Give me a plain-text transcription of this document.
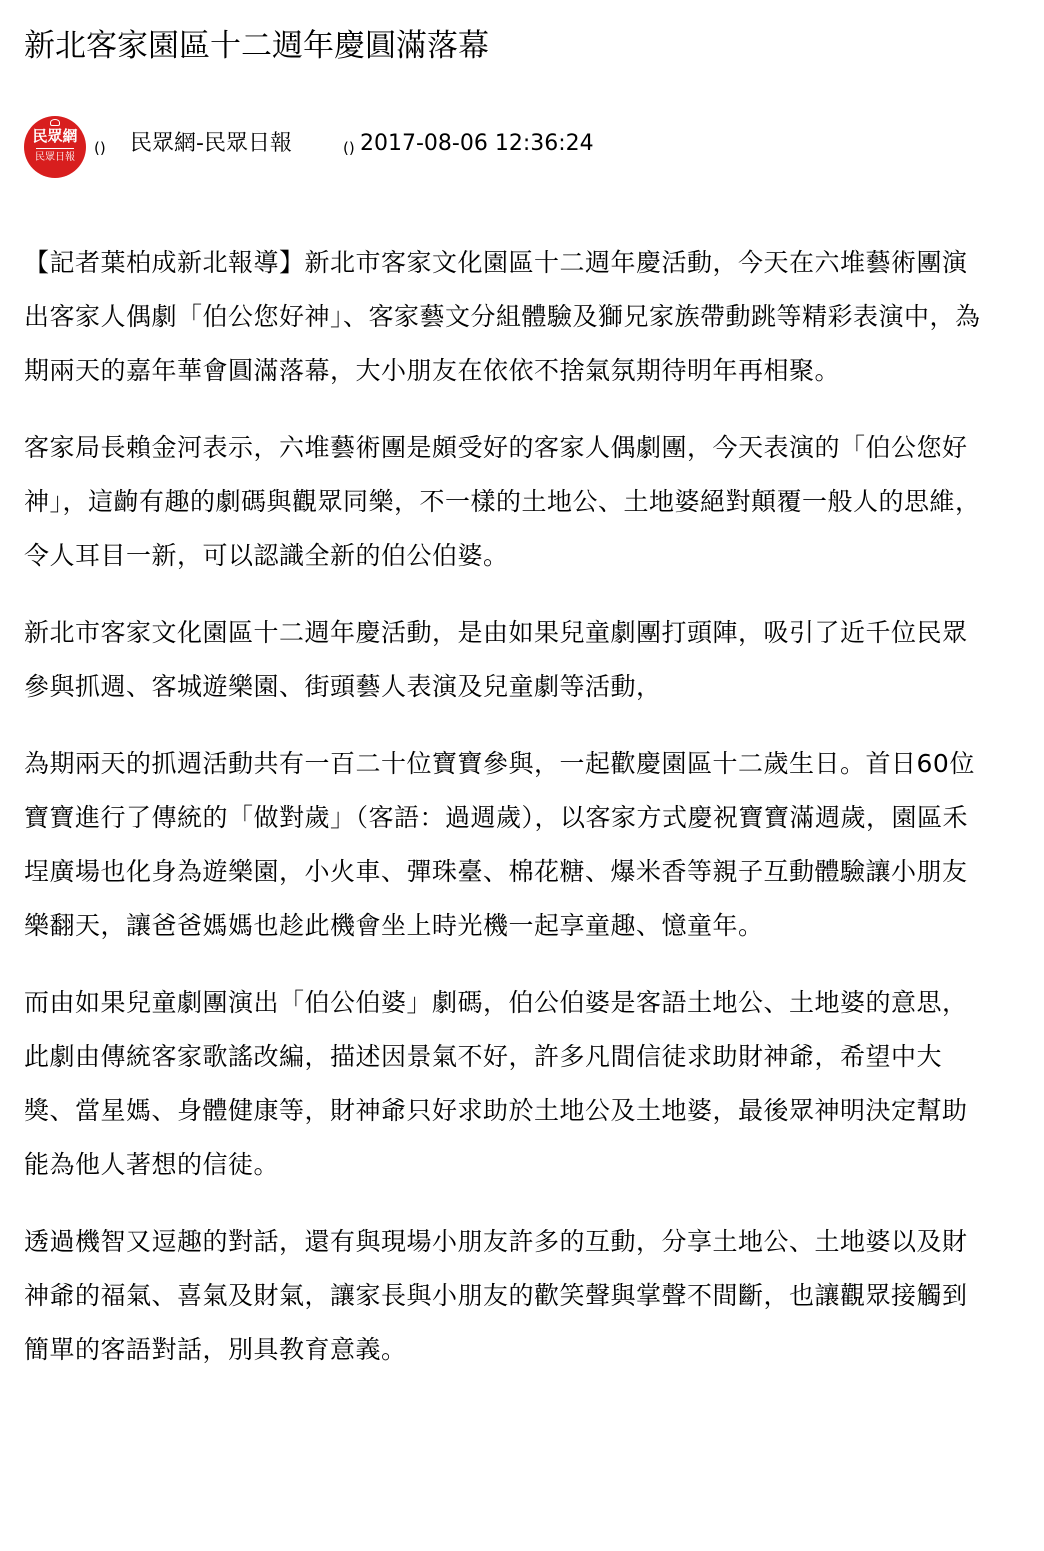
新北客家園區十二週年慶圓滿落幕
民眾網
民眾日報
() 民眾網-民眾日報	() 2017-08-06 12:36:24

【記者葉柏成新北報導】新北市客家文化園區十二週年慶活動，今天在六堆藝術團演出客家人偶劇「伯公您好神」、客家藝文分組體驗及獅兄家族帶動跳等精彩表演中，為期兩天的嘉年華會圓滿落幕，大小朋友在依依不捨氣氛期待明年再相聚。

客家局長賴金河表示，六堆藝術團是頗受好的客家人偶劇團，今天表演的「伯公您好神」，這齣有趣的劇碼與觀眾同樂，不一樣的土地公、土地婆絕對顛覆一般人的思維，令人耳目一新，可以認識全新的伯公伯婆。

新北市客家文化園區十二週年慶活動，是由如果兒童劇團打頭陣，吸引了近千位民眾參與抓週、客城遊樂園、街頭藝人表演及兒童劇等活動，

為期兩天的抓週活動共有一百二十位寶寶參與，一起歡慶園區十二歲生日。首日60位寶寶進行了傳統的「做對歲」（客語：過週歲），以客家方式慶祝寶寶滿週歲，園區禾埕廣場也化身為遊樂園，小火車、彈珠臺、棉花糖、爆米香等親子互動體驗讓小朋友樂翻天，讓爸爸媽媽也趁此機會坐上時光機一起享童趣、憶童年。

而由如果兒童劇團演出「伯公伯婆」劇碼，伯公伯婆是客語土地公、土地婆的意思，此劇由傳統客家歌謠改編，描述因景氣不好，許多凡間信徒求助財神爺，希望中大獎、當星媽、身體健康等，財神爺只好求助於土地公及土地婆，最後眾神明決定幫助能為他人著想的信徒。

透過機智又逗趣的對話，還有與現場小朋友許多的互動，分享土地公、土地婆以及財神爺的福氣、喜氣及財氣，讓家長與小朋友的歡笑聲與掌聲不間斷，也讓觀眾接觸到簡單的客語對話，別具教育意義。
